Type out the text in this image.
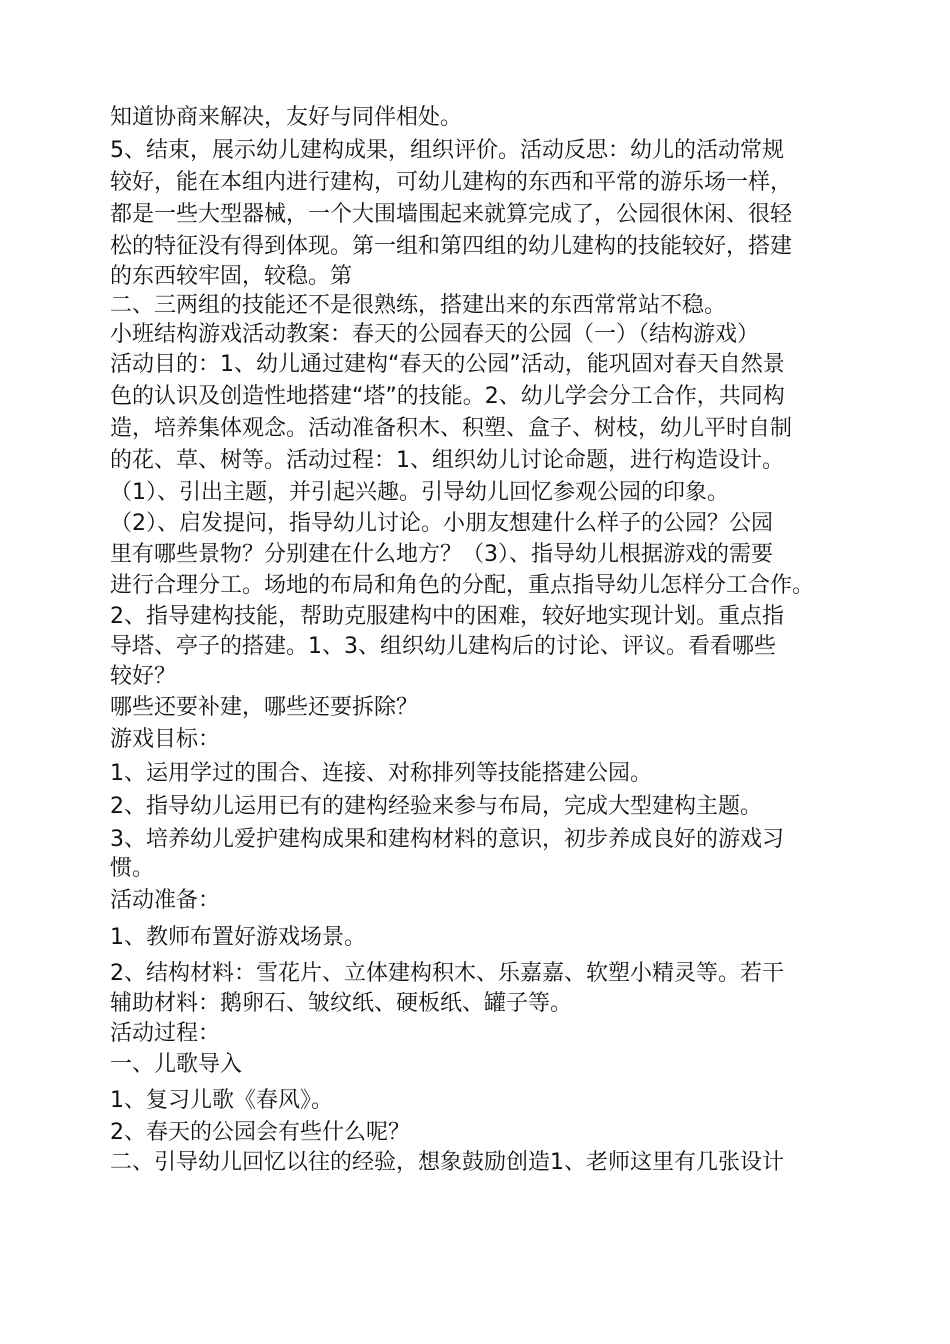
知道协商来解决，友好与同伴相处。

5、结束，展示幼儿建构成果，组织评价。活动反思：幼儿的活动常规

较好，能在本组内进行建构，可幼儿建构的东西和平常的游乐场一样，

都是一些大型器械，一个大围墙围起来就算完成了，公园很休闲、很轻

松的特征没有得到体现。第一组和第四组的幼儿建构的技能较好，搭建

的东西较牢固，较稳。第

二、三两组的技能还不是很熟练，搭建出来的东西常常站不稳。

小班结构游戏活动教案：春天的公园春天的公园（一）（结构游戏）

活动目的：1、幼儿通过建构“春天的公园”活动，能巩固对春天自然景

色的认识及创造性地搭建“塔”的技能。2、幼儿学会分工合作，共同构

造，培养集体观念。活动准备积木、积塑、盒子、树枝，幼儿平时自制

的花、草、树等。活动过程：1、组织幼儿讨论命题，进行构造设计。

（1）、引出主题，并引起兴趣。引导幼儿回忆参观公园的印象。

（2）、启发提问，指导幼儿讨论。小朋友想建什么样子的公园？公园

里有哪些景物？分别建在什么地方？（3）、指导幼儿根据游戏的需要

进行合理分工。场地的布局和角色的分配，重点指导幼儿怎样分工合作。

2、指导建构技能，帮助克服建构中的困难，较好地实现计划。重点指

导塔、亭子的搭建。1、3、组织幼儿建构后的讨论、评议。看看哪些

较好？

哪些还要补建，哪些还要拆除？

游戏目标：

1、运用学过的围合、连接、对称排列等技能搭建公园。

2、指导幼儿运用已有的建构经验来参与布局，完成大型建构主题。

3、培养幼儿爱护建构成果和建构材料的意识，初步养成良好的游戏习

惯。

活动准备：

1、教师布置好游戏场景。

2、结构材料：雪花片、立体建构积木、乐嘉嘉、软塑小精灵等。若干

辅助材料：鹅卵石、皱纹纸、硬板纸、罐子等。

活动过程：

一、儿歌导入

1、复习儿歌《春风》。

2、春天的公园会有些什么呢？

二、引导幼儿回忆以往的经验，想象鼓励创造1、老师这里有几张设计
